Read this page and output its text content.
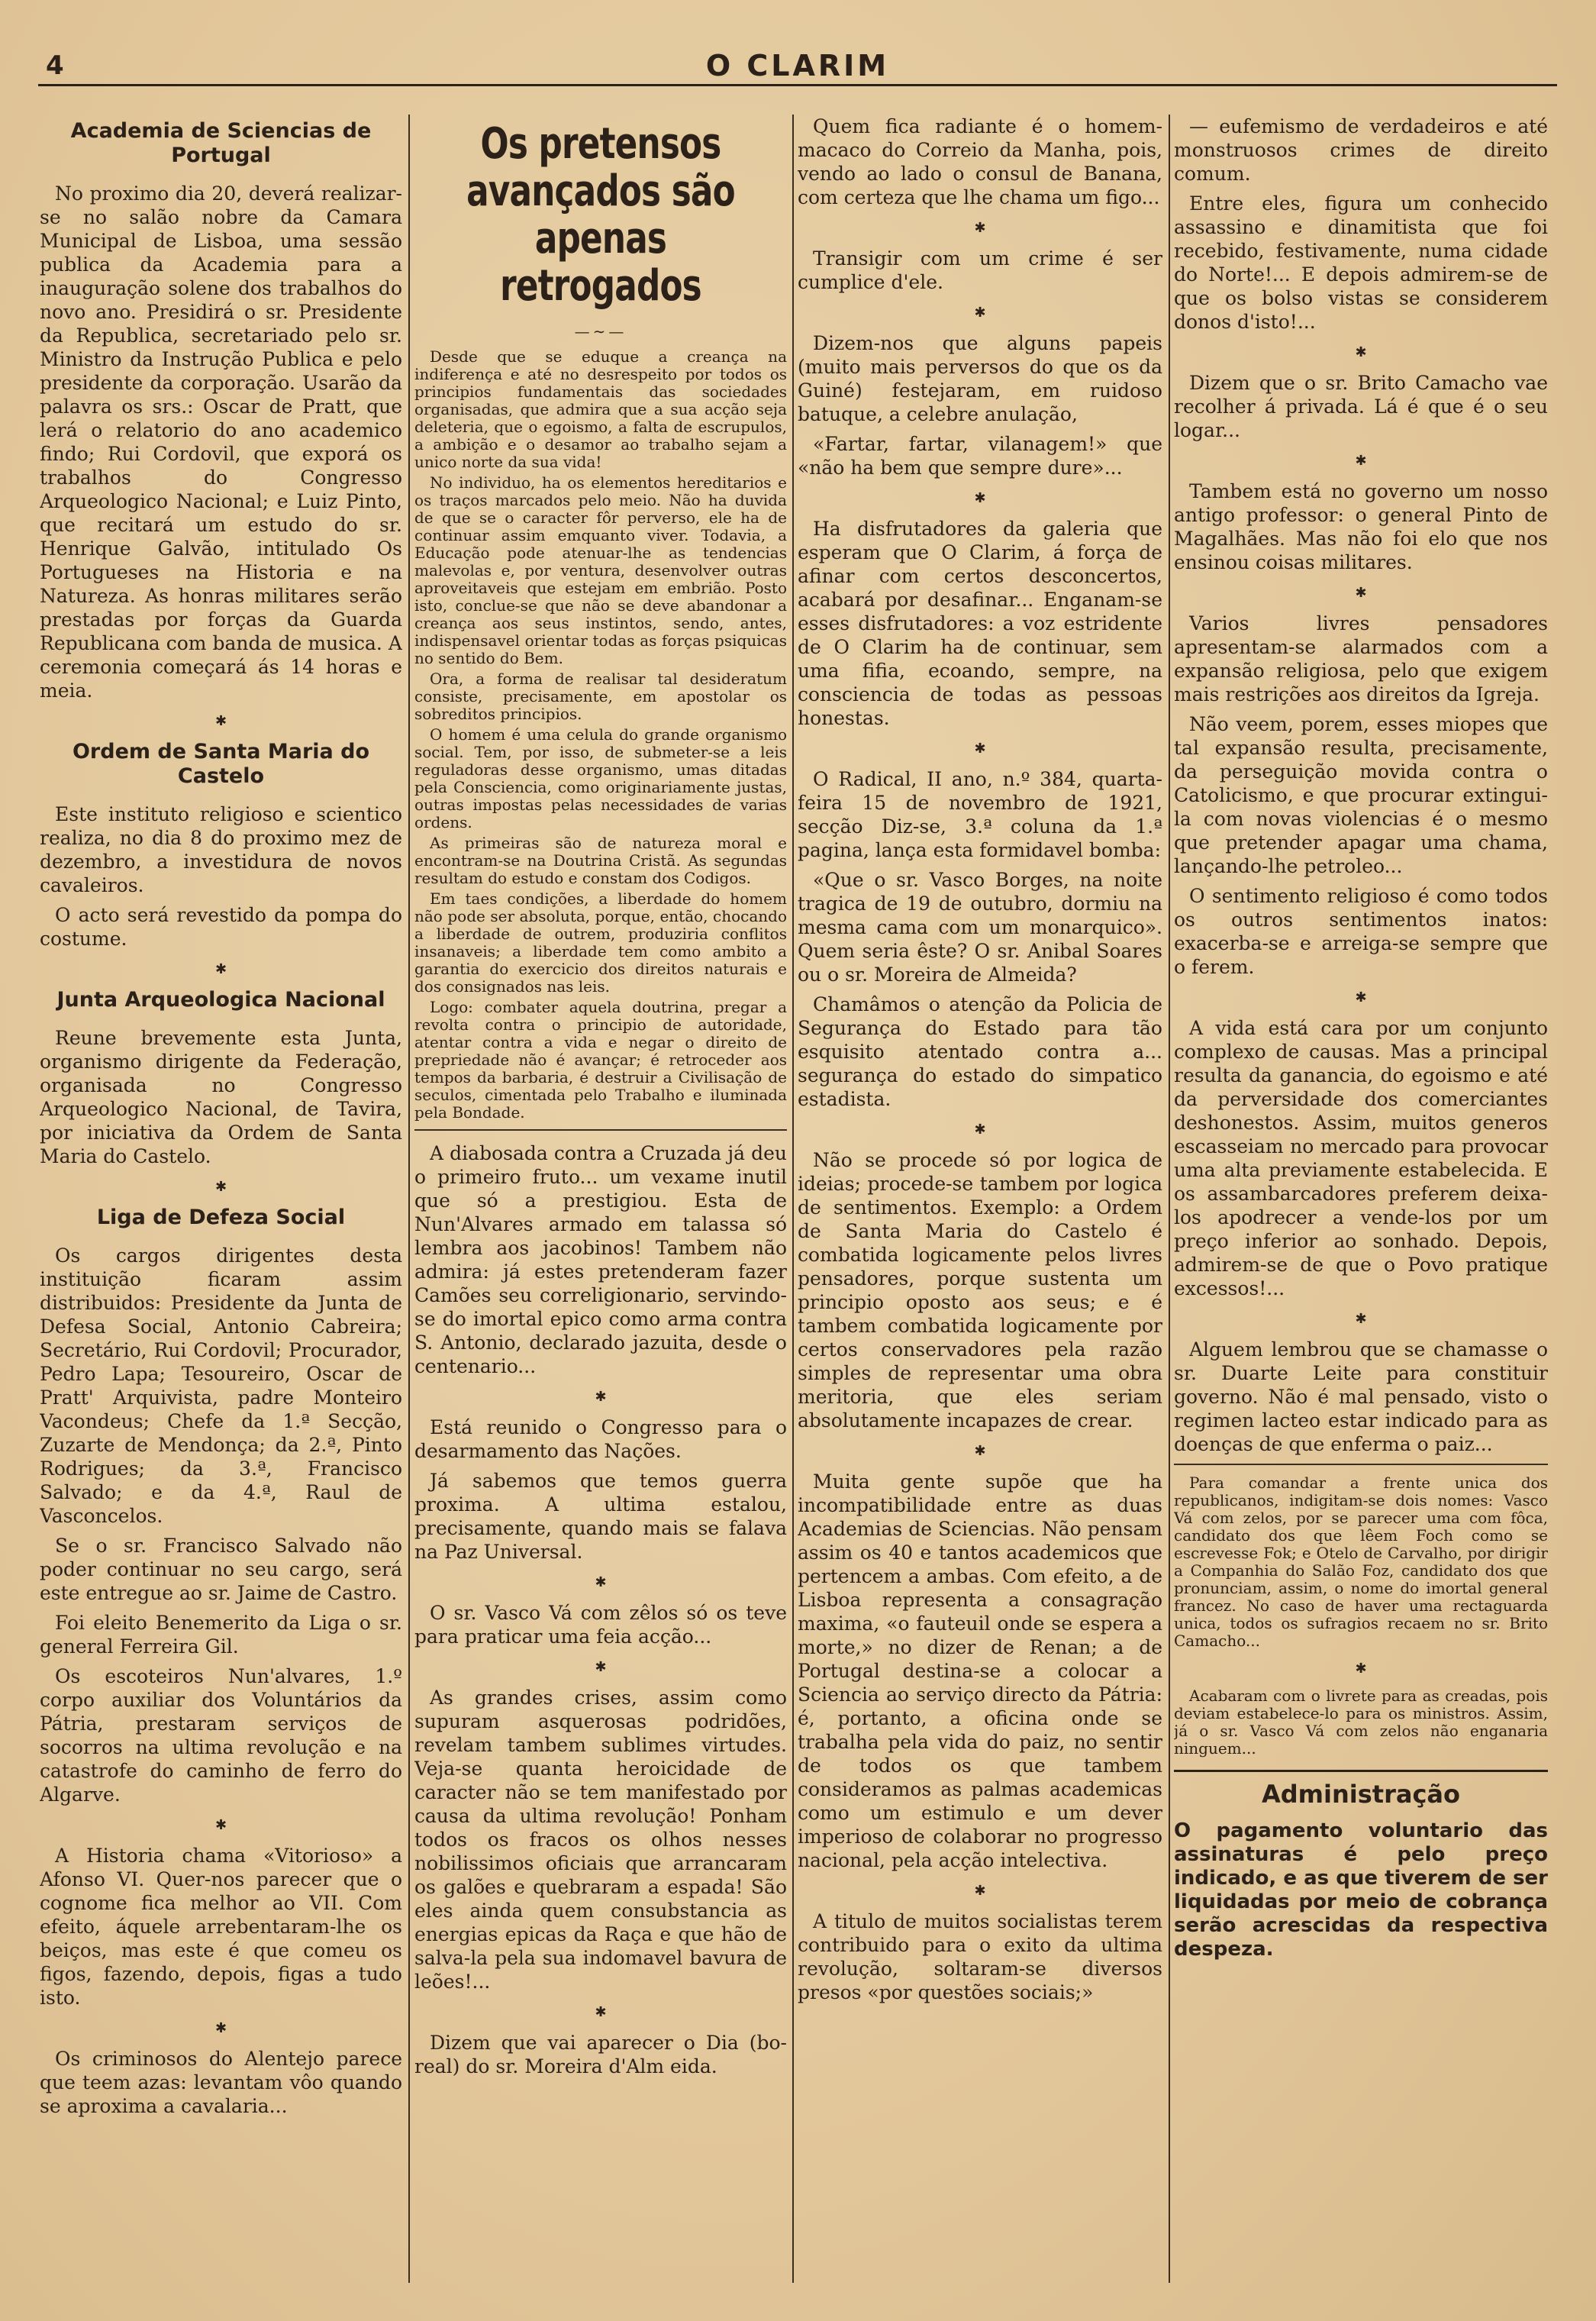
4	O CLARIM
Academia de Sciencias de Portugal

No proximo dia 20, deverá realizar-se no salão nobre da Camara Municipal de Lisboa, uma sessão publica da Academia para a inauguração solene dos trabalhos do novo ano. Presidirá o sr. Presidente da Republica, secretariado pelo sr. Ministro da Instrução Publica e pelo presidente da corporação. Usarão da palavra os srs.: Oscar de Pratt, que lerá o relatorio do ano academico findo; Rui Cordovil, que exporá os trabalhos do Congresso Arqueologico Nacional; e Luiz Pinto, que recitará um estudo do sr. Henrique Galvão, intitulado Os Portugueses na Historia e na Natureza. As honras militares serão prestadas por forças da Guarda Republicana com banda de musica. A ceremonia começará ás 14 horas e meia.

✱
Ordem de Santa Maria do Castelo

Este instituto religioso e scientico realiza, no dia 8 do proximo mez de dezembro, a investidura de novos cavaleiros.

O acto será revestido da pompa do costume.

✱
Junta Arqueologica Nacional

Reune brevemente esta Junta, organismo dirigente da Federação, organisada no Congresso Arqueologico Nacional, de Tavira, por iniciativa da Ordem de Santa Maria do Castelo.

✱
Liga de Defeza Social

Os cargos dirigentes desta instituição ficaram assim distribuidos: Presidente da Junta de Defesa Social, Antonio Cabreira; Secretário, Rui Cordovil; Procurador, Pedro Lapa; Tesoureiro, Oscar de Pratt' Arquivista, padre Monteiro Vacondeus; Chefe da 1.ª Secção, Zuzarte de Mendonça; da 2.ª, Pinto Rodrigues; da 3.ª, Francisco Salvado; e da 4.ª, Raul de Vasconcelos.

Se o sr. Francisco Salvado não poder continuar no seu cargo, será este entregue ao sr. Jaime de Castro.

Foi eleito Benemerito da Liga o sr. general Ferreira Gil.

Os escoteiros Nun'alvares, 1.º corpo auxiliar dos Voluntários da Pátria, prestaram serviços de socorros na ultima revolução e na catastrofe do caminho de ferro do Algarve.

✱

A Historia chama «Vitorioso» a Afonso VI. Quer-nos parecer que o cognome fica melhor ao VII. Com efeito, áquele arrebentaram-lhe os beiços, mas este é que comeu os figos, fazendo, depois, figas a tudo isto.

✱

Os criminosos do Alentejo parece que teem azas: levantam vôo quando se aproxima a cavalaria...

Os pretensos avançados são apenas retrogados
—∼—

Desde que se eduque a creança na indiferença e até no desrespeito por todos os principios fundamentais das sociedades organisadas, que admira que a sua acção seja deleteria, que o egoismo, a falta de escrupulos, a ambição e o desamor ao trabalho sejam a unico norte da sua vida!

No individuo, ha os elementos hereditarios e os traços marcados pelo meio. Não ha duvida de que se o caracter fôr perverso, ele ha de continuar assim emquanto viver. Todavia, a Educação pode atenuar-lhe as tendencias malevolas e, por ventura, desenvolver outras aproveitaveis que estejam em embrião. Posto isto, conclue-se que não se deve abandonar a creança aos seus instintos, sendo, antes, indispensavel orientar todas as forças psiquicas no sentido do Bem.

Ora, a forma de realisar tal desideratum consiste, precisamente, em apostolar os sobreditos principios.

O homem é uma celula do grande organismo social. Tem, por isso, de submeter-se a leis reguladoras desse organismo, umas ditadas pela Consciencia, como originariamente justas, outras impostas pelas necessidades de varias ordens.

As primeiras são de natureza moral e encontram-se na Doutrina Cristã. As segundas resultam do estudo e constam dos Codigos.

Em taes condições, a liberdade do homem não pode ser absoluta, porque, então, chocando a liberdade de outrem, produziria conflitos insanaveis; a liberdade tem como ambito a garantia do exercicio dos direitos naturais e dos consignados nas leis.

Logo: combater aquela doutrina, pregar a revolta contra o principio de autoridade, atentar contra a vida e negar o direito de prepriedade não é avançar; é retroceder aos tempos da barbaria, é destruir a Civilisação de seculos, cimentada pelo Trabalho e iluminada pela Bondade.

A diabosada contra a Cruzada já deu o primeiro fruto... um vexame inutil que só a prestigiou. Esta de Nun'Alvares armado em talassa só lembra aos jacobinos! Tambem não admira: já estes pretenderam fazer Camões seu correligionario, servindo-se do imortal epico como arma contra S. Antonio, declarado jazuita, desde o centenario...

✱

Está reunido o Congresso para o desarmamento das Nações.

Já sabemos que temos guerra proxima. A ultima estalou, precisamente, quando mais se falava na Paz Universal.

✱

O sr. Vasco Vá com zêlos só os teve para praticar uma feia acção...

✱

As grandes crises, assim como supuram asquerosas podridões, revelam tambem sublimes virtudes. Veja-se quanta heroicidade de caracter não se tem manifestado por causa da ultima revolução! Ponham todos os fracos os olhos nesses nobilissimos oficiais que arrancaram os galões e quebraram a espada! São eles ainda quem consubstancia as energias epicas da Raça e que hão de salva-la pela sua indomavel bavura de leões!...

✱

Dizem que vai aparecer o Dia (bo-real) do sr. Moreira d'Alm eida.

Quem fica radiante é o homem-macaco do Correio da Manha, pois, vendo ao lado o consul de Banana, com certeza que lhe chama um figo...

✱

Transigir com um crime é ser cumplice d'ele.

✱

Dizem-nos que alguns papeis (muito mais perversos do que os da Guiné) festejaram, em ruidoso batuque, a celebre anulação,

«Fartar, fartar, vilanagem!» que «não ha bem que sempre dure»...

✱

Ha disfrutadores da galeria que esperam que O Clarim, á força de afinar com certos desconcertos, acabará por desafinar... Enganam-se esses disfrutadores: a voz estridente de O Clarim ha de continuar, sem uma fifia, ecoando, sempre, na consciencia de todas as pessoas honestas.

✱

O Radical, II ano, n.º 384, quarta-feira 15 de novembro de 1921, secção Diz-se, 3.ª coluna da 1.ª pagina, lança esta formidavel bomba:

«Que o sr. Vasco Borges, na noite tragica de 19 de outubro, dormiu na mesma cama com um monarquico». Quem seria êste? O sr. Anibal Soares ou o sr. Moreira de Almeida?

Chamâmos o atenção da Policia de Segurança do Estado para tão esquisito atentado contra a... segurança do estado do simpatico estadista.

✱

Não se procede só por logica de ideias; procede-se tambem por logica de sentimentos. Exemplo: a Ordem de Santa Maria do Castelo é combatida logicamente pelos livres pensadores, porque sustenta um principio oposto aos seus; e é tambem combatida logicamente por certos conservadores pela razão simples de representar uma obra meritoria, que eles seriam absolutamente incapazes de crear.

✱

Muita gente supõe que ha incompatibilidade entre as duas Academias de Sciencias. Não pensam assim os 40 e tantos academicos que pertencem a ambas. Com efeito, a de Lisboa representa a consagração maxima, «o fauteuil onde se espera a morte,» no dizer de Renan; a de Portugal destina-se a colocar a Sciencia ao serviço directo da Pátria: é, portanto, a oficina onde se trabalha pela vida do paiz, no sentir de todos os que tambem consideramos as palmas academicas como um estimulo e um dever imperioso de colaborar no progresso nacional, pela acção intelectiva.

✱

A titulo de muitos socialistas terem contribuido para o exito da ultima revolução, soltaram-se diversos presos «por questões sociais;»

— eufemismo de verdadeiros e até monstruosos crimes de direito comum.

Entre eles, figura um conhecido assassino e dinamitista que foi recebido, festivamente, numa cidade do Norte!... E depois admirem-se de que os bolso vistas se considerem donos d'isto!...

✱

Dizem que o sr. Brito Camacho vae recolher á privada. Lá é que é o seu logar...

✱

Tambem está no governo um nosso antigo professor: o general Pinto de Magalhães. Mas não foi elo que nos ensinou coisas militares.

✱

Varios livres pensadores apresentam-se alarmados com a expansão religiosa, pelo que exigem mais restrições aos direitos da Igreja.

Não veem, porem, esses miopes que tal expansão resulta, precisamente, da perseguição movida contra o Catolicismo, e que procurar extingui-la com novas violencias é o mesmo que pretender apagar uma chama, lançando-lhe petroleo...

O sentimento religioso é como todos os outros sentimentos inatos: exacerba-se e arreiga-se sempre que o ferem.

✱

A vida está cara por um conjunto complexo de causas. Mas a principal resulta da ganancia, do egoismo e até da perversidade dos comerciantes deshonestos. Assim, muitos generos escasseiam no mercado para provocar uma alta previamente estabelecida. E os assambarcadores preferem deixa-los apodrecer a vende-los por um preço inferior ao sonhado. Depois, admirem-se de que o Povo pratique excessos!...

✱

Alguem lembrou que se chamasse o sr. Duarte Leite para constituir governo. Não é mal pensado, visto o regimen lacteo estar indicado para as doenças de que enferma o paiz...

Para comandar a frente unica dos republicanos, indigitam-se dois nomes: Vasco Vá com zelos, por se parecer uma com fôca, candidato dos que lêem Foch como se escrevesse Fok; e Otelo de Carvalho, por dirigir a Companhia do Salão Foz, candidato dos que pronunciam, assim, o nome do imortal general francez. No caso de haver uma rectaguarda unica, todos os sufragios recaem no sr. Brito Camacho...

✱

Acabaram com o livrete para as creadas, pois deviam estabelece-lo para os ministros. Assim, já o sr. Vasco Vá com zelos não enganaria ninguem...

Administração
O pagamento voluntario das assinaturas é pelo preço indicado, e as que tiverem de ser liquidadas por meio de cobrança serão acrescidas da respectiva despeza.
